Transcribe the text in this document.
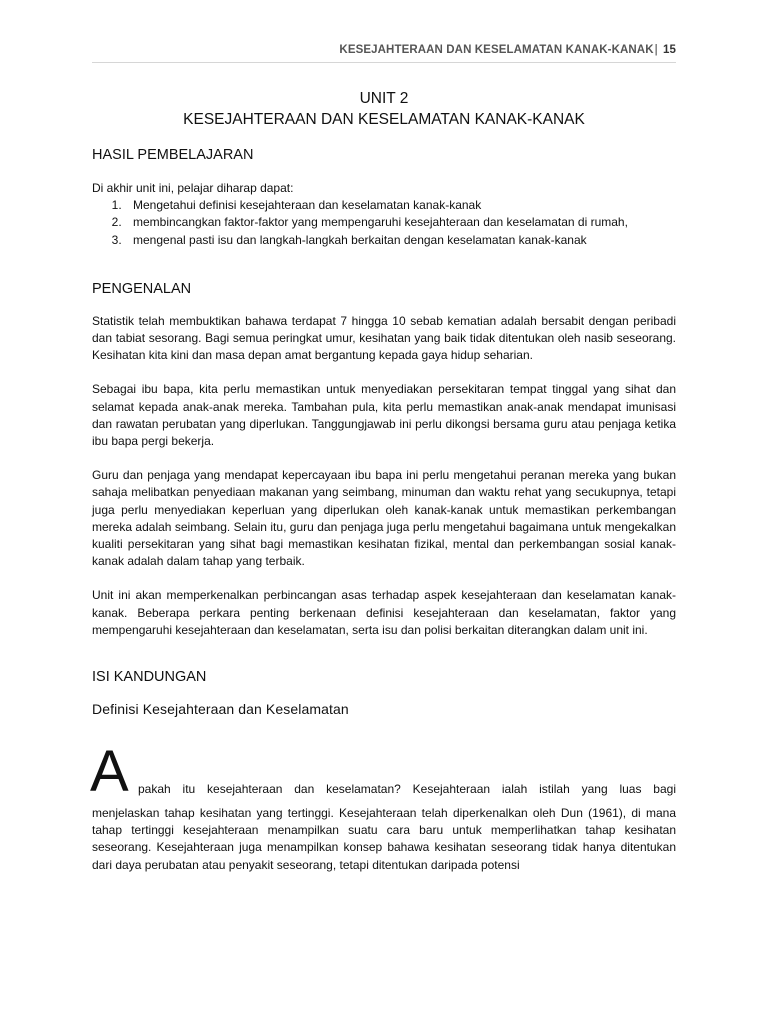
KESEJAHTERAAN DAN KESELAMATAN KANAK-KANAK| 15
UNIT 2
KESEJAHTERAAN DAN KESELAMATAN KANAK-KANAK
HASIL PEMBELAJARAN

Di akhir unit ini, pelajar diharap dapat:

1. Mengetahui definisi kesejahteraan dan keselamatan kanak-kanak
2. membincangkan faktor-faktor yang mempengaruhi kesejahteraan dan keselamatan di rumah,
3. mengenal pasti isu dan langkah-langkah berkaitan dengan keselamatan kanak-kanak
PENGENALAN

Statistik telah membuktikan bahawa terdapat 7 hingga 10 sebab kematian adalah bersabit dengan peribadi dan tabiat sesorang. Bagi semua peringkat umur, kesihatan yang baik tidak ditentukan oleh nasib seseorang. Kesihatan kita kini dan masa depan amat bergantung kepada gaya hidup seharian.

Sebagai ibu bapa, kita perlu memastikan untuk menyediakan persekitaran tempat tinggal yang sihat dan selamat kepada anak-anak mereka. Tambahan pula, kita perlu memastikan anak-anak mendapat imunisasi dan rawatan perubatan yang diperlukan. Tanggungjawab ini perlu dikongsi bersama guru atau penjaga ketika ibu bapa pergi bekerja.

Guru dan penjaga yang mendapat kepercayaan ibu bapa ini perlu mengetahui peranan mereka yang bukan sahaja melibatkan penyediaan makanan yang seimbang, minuman dan waktu rehat yang secukupnya, tetapi juga perlu menyediakan keperluan yang diperlukan oleh kanak-kanak untuk memastikan perkembangan mereka adalah seimbang. Selain itu, guru dan penjaga juga perlu mengetahui bagaimana untuk mengekalkan kualiti persekitaran yang sihat bagi memastikan kesihatan fizikal, mental dan perkembangan sosial kanak-kanak adalah dalam tahap yang terbaik.

Unit ini akan memperkenalkan perbincangan asas terhadap aspek kesejahteraan dan keselamatan kanak-kanak. Beberapa perkara penting berkenaan definisi kesejahteraan dan keselamatan, faktor yang mempengaruhi kesejahteraan dan keselamatan, serta isu dan polisi berkaitan diterangkan dalam unit ini.

ISI KANDUNGAN
Definisi Kesejahteraan dan Keselamatan
A pakah itu kesejahteraan dan keselamatan? Kesejahteraan ialah istilah yang luas bagi

menjelaskan tahap kesihatan yang tertinggi. Kesejahteraan telah diperkenalkan oleh Dun (1961), di mana tahap tertinggi kesejahteraan menampilkan suatu cara baru untuk memperlihatkan tahap kesihatan seseorang. Kesejahteraan juga menampilkan konsep bahawa kesihatan seseorang tidak hanya ditentukan dari daya perubatan atau penyakit seseorang, tetapi ditentukan daripada potensi
